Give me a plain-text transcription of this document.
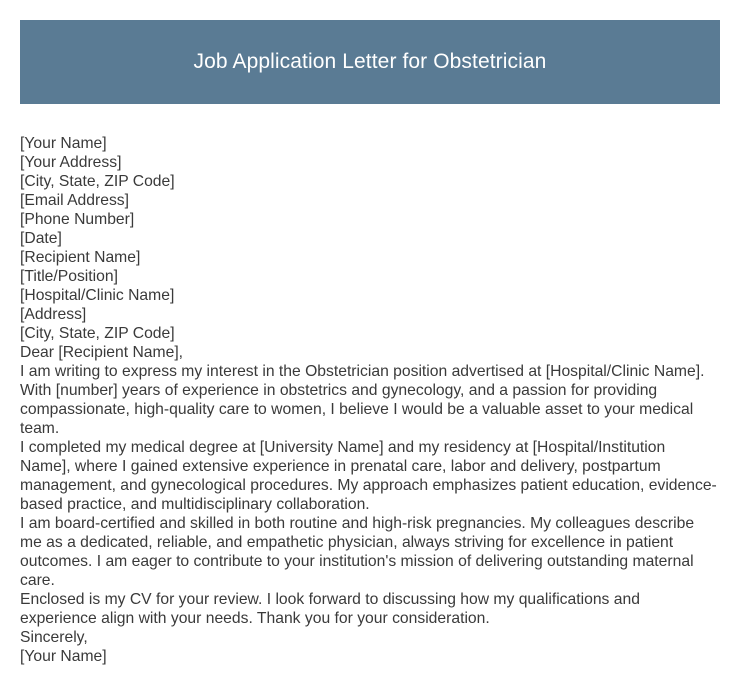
Job Application Letter for Obstetrician
[Your Name]
[Your Address]
[City, State, ZIP Code]
[Email Address]
[Phone Number]
[Date]
[Recipient Name]
[Title/Position]
[Hospital/Clinic Name]
[Address]
[City, State, ZIP Code]
Dear [Recipient Name],
I am writing to express my interest in the Obstetrician position advertised at [Hospital/Clinic Name]. With [number] years of experience in obstetrics and gynecology, and a passion for providing compassionate, high-quality care to women, I believe I would be a valuable asset to your medical team.
I completed my medical degree at [University Name] and my residency at [Hospital/Institution Name], where I gained extensive experience in prenatal care, labor and delivery, postpartum management, and gynecological procedures. My approach emphasizes patient education, evidence-based practice, and multidisciplinary collaboration.
I am board-certified and skilled in both routine and high-risk pregnancies. My colleagues describe me as a dedicated, reliable, and empathetic physician, always striving for excellence in patient outcomes. I am eager to contribute to your institution's mission of delivering outstanding maternal care.
Enclosed is my CV for your review. I look forward to discussing how my qualifications and experience align with your needs. Thank you for your consideration.
Sincerely,
[Your Name]
